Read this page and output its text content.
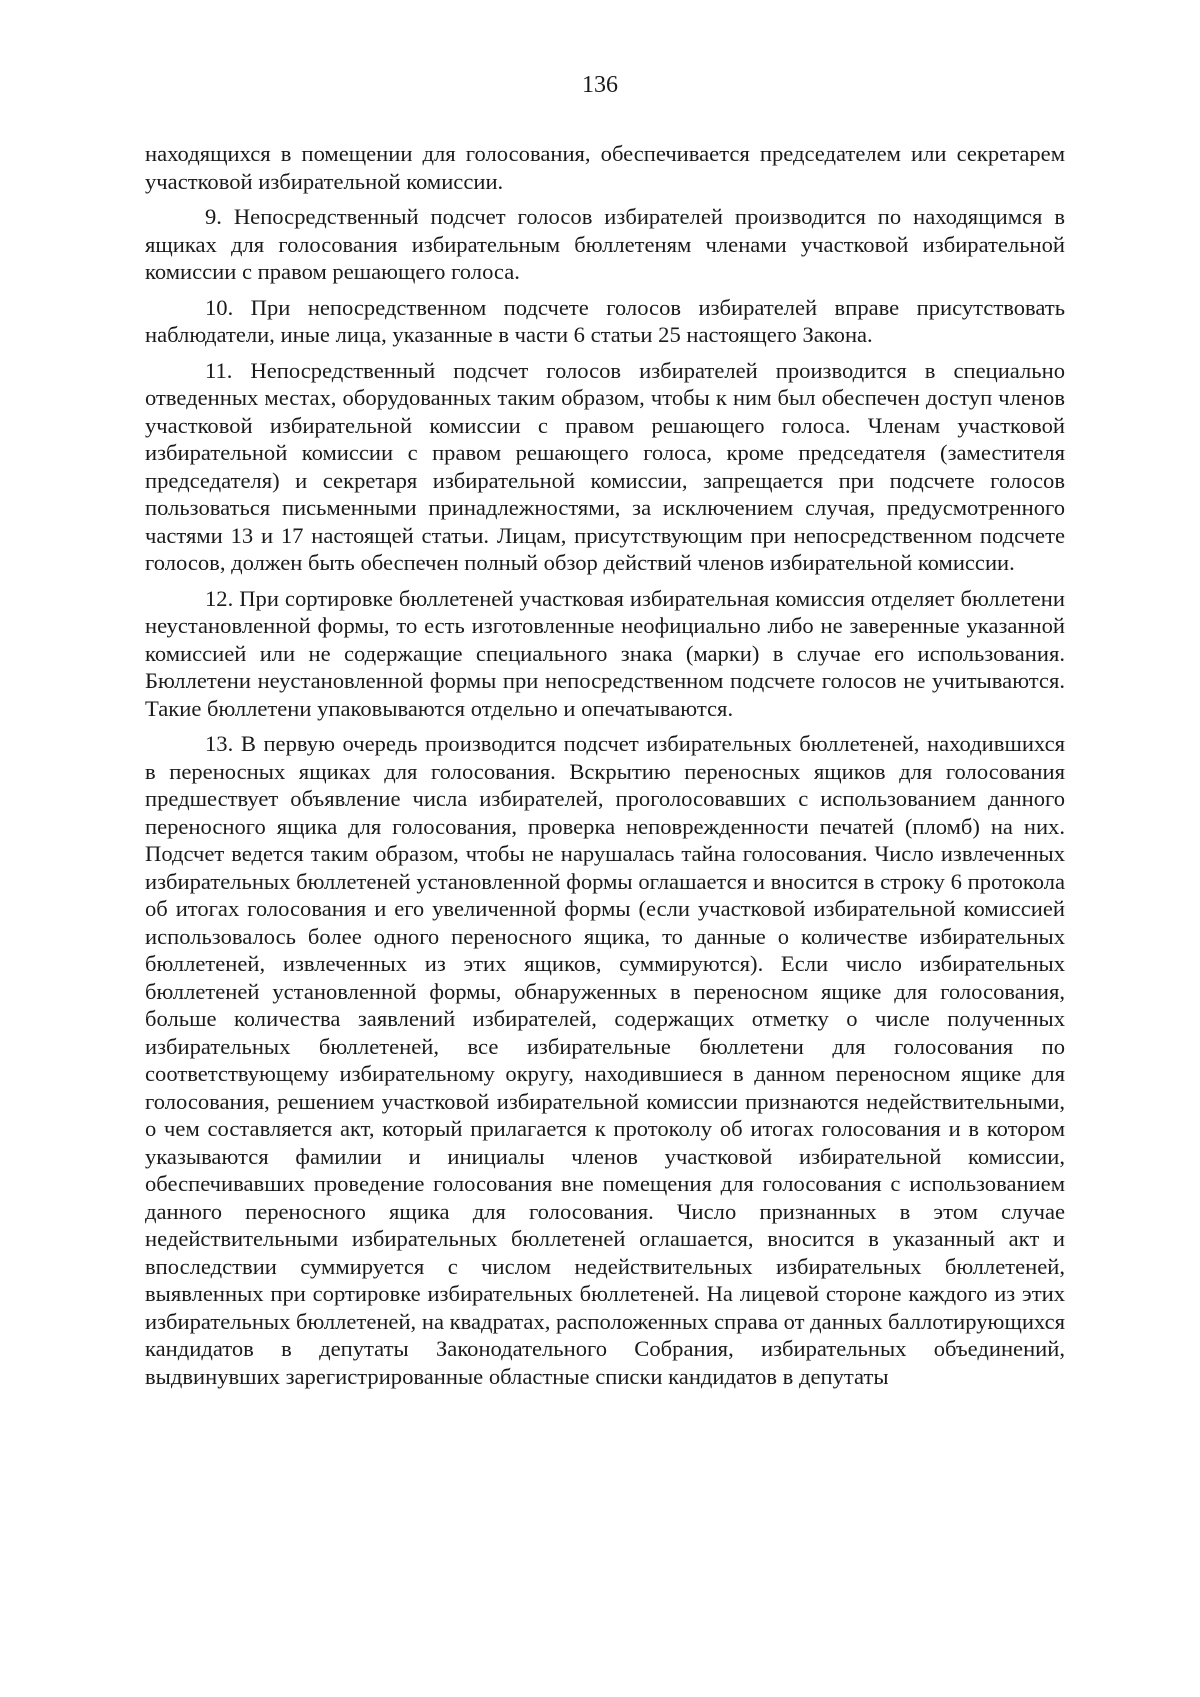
136

находящихся в помещении для голосования, обеспечивается председателем или секретарем участковой избирательной комиссии.

9. Непосредственный подсчет голосов избирателей производится по находящимся в ящиках для голосования избирательным бюллетеням членами участковой избирательной комиссии с правом решающего голоса.

10. При непосредственном подсчете голосов избирателей вправе присутствовать наблюдатели, иные лица, указанные в части 6 статьи 25 настоящего Закона.

11. Непосредственный подсчет голосов избирателей производится в специально отведенных местах, оборудованных таким образом, чтобы к ним был обеспечен доступ членов участковой избирательной комиссии с правом решающего голоса. Членам участковой избирательной комиссии с правом решающего голоса, кроме председателя (заместителя председателя) и секретаря избирательной комиссии, запрещается при подсчете голосов пользоваться письменными принадлежностями, за исключением случая, предусмотренного частями 13 и 17 настоящей статьи. Лицам, присутствующим при непосредственном подсчете голосов, должен быть обеспечен полный обзор действий членов избирательной комиссии.

12. При сортировке бюллетеней участковая избирательная комиссия отделяет бюллетени неустановленной формы, то есть изготовленные неофициально либо не заверенные указанной комиссией или не содержащие специального знака (марки) в случае его использования. Бюллетени неустановленной формы при непосредственном подсчете голосов не учитываются. Такие бюллетени упаковываются отдельно и опечатываются.

13. В первую очередь производится подсчет избирательных бюллетеней, находившихся в переносных ящиках для голосования. Вскрытию переносных ящиков для голосования предшествует объявление числа избирателей, проголосовавших с использованием данного переносного ящика для голосования, проверка неповрежденности печатей (пломб) на них. Подсчет ведется таким образом, чтобы не нарушалась тайна голосования. Число извлеченных избирательных бюллетеней установленной формы оглашается и вносится в строку 6 протокола об итогах голосования и его увеличенной формы (если участковой избирательной комиссией использовалось более одного переносного ящика, то данные о количестве избирательных бюллетеней, извлеченных из этих ящиков, суммируются). Если число избирательных бюллетеней установленной формы, обнаруженных в переносном ящике для голосования, больше количества заявлений избирателей, содержащих отметку о числе полученных избирательных бюллетеней, все избирательные бюллетени для голосования по соответствующему избирательному округу, находившиеся в данном переносном ящике для голосования, решением участковой избирательной комиссии признаются недействительными, о чем составляется акт, который прилагается к протоколу об итогах голосования и в котором указываются фамилии и инициалы членов участковой избирательной комиссии, обеспечивавших проведение голосования вне помещения для голосования с использованием данного переносного ящика для голосования. Число признанных в этом случае недействительными избирательных бюллетеней оглашается, вносится в указанный акт и впоследствии суммируется с числом недействительных избирательных бюллетеней, выявленных при сортировке избирательных бюллетеней. На лицевой стороне каждого из этих избирательных бюллетеней, на квадратах, расположенных справа от данных баллотирующихся кандидатов в депутаты Законодательного Собрания, избирательных объединений, выдвинувших зарегистрированные областные списки кандидатов в депутаты
